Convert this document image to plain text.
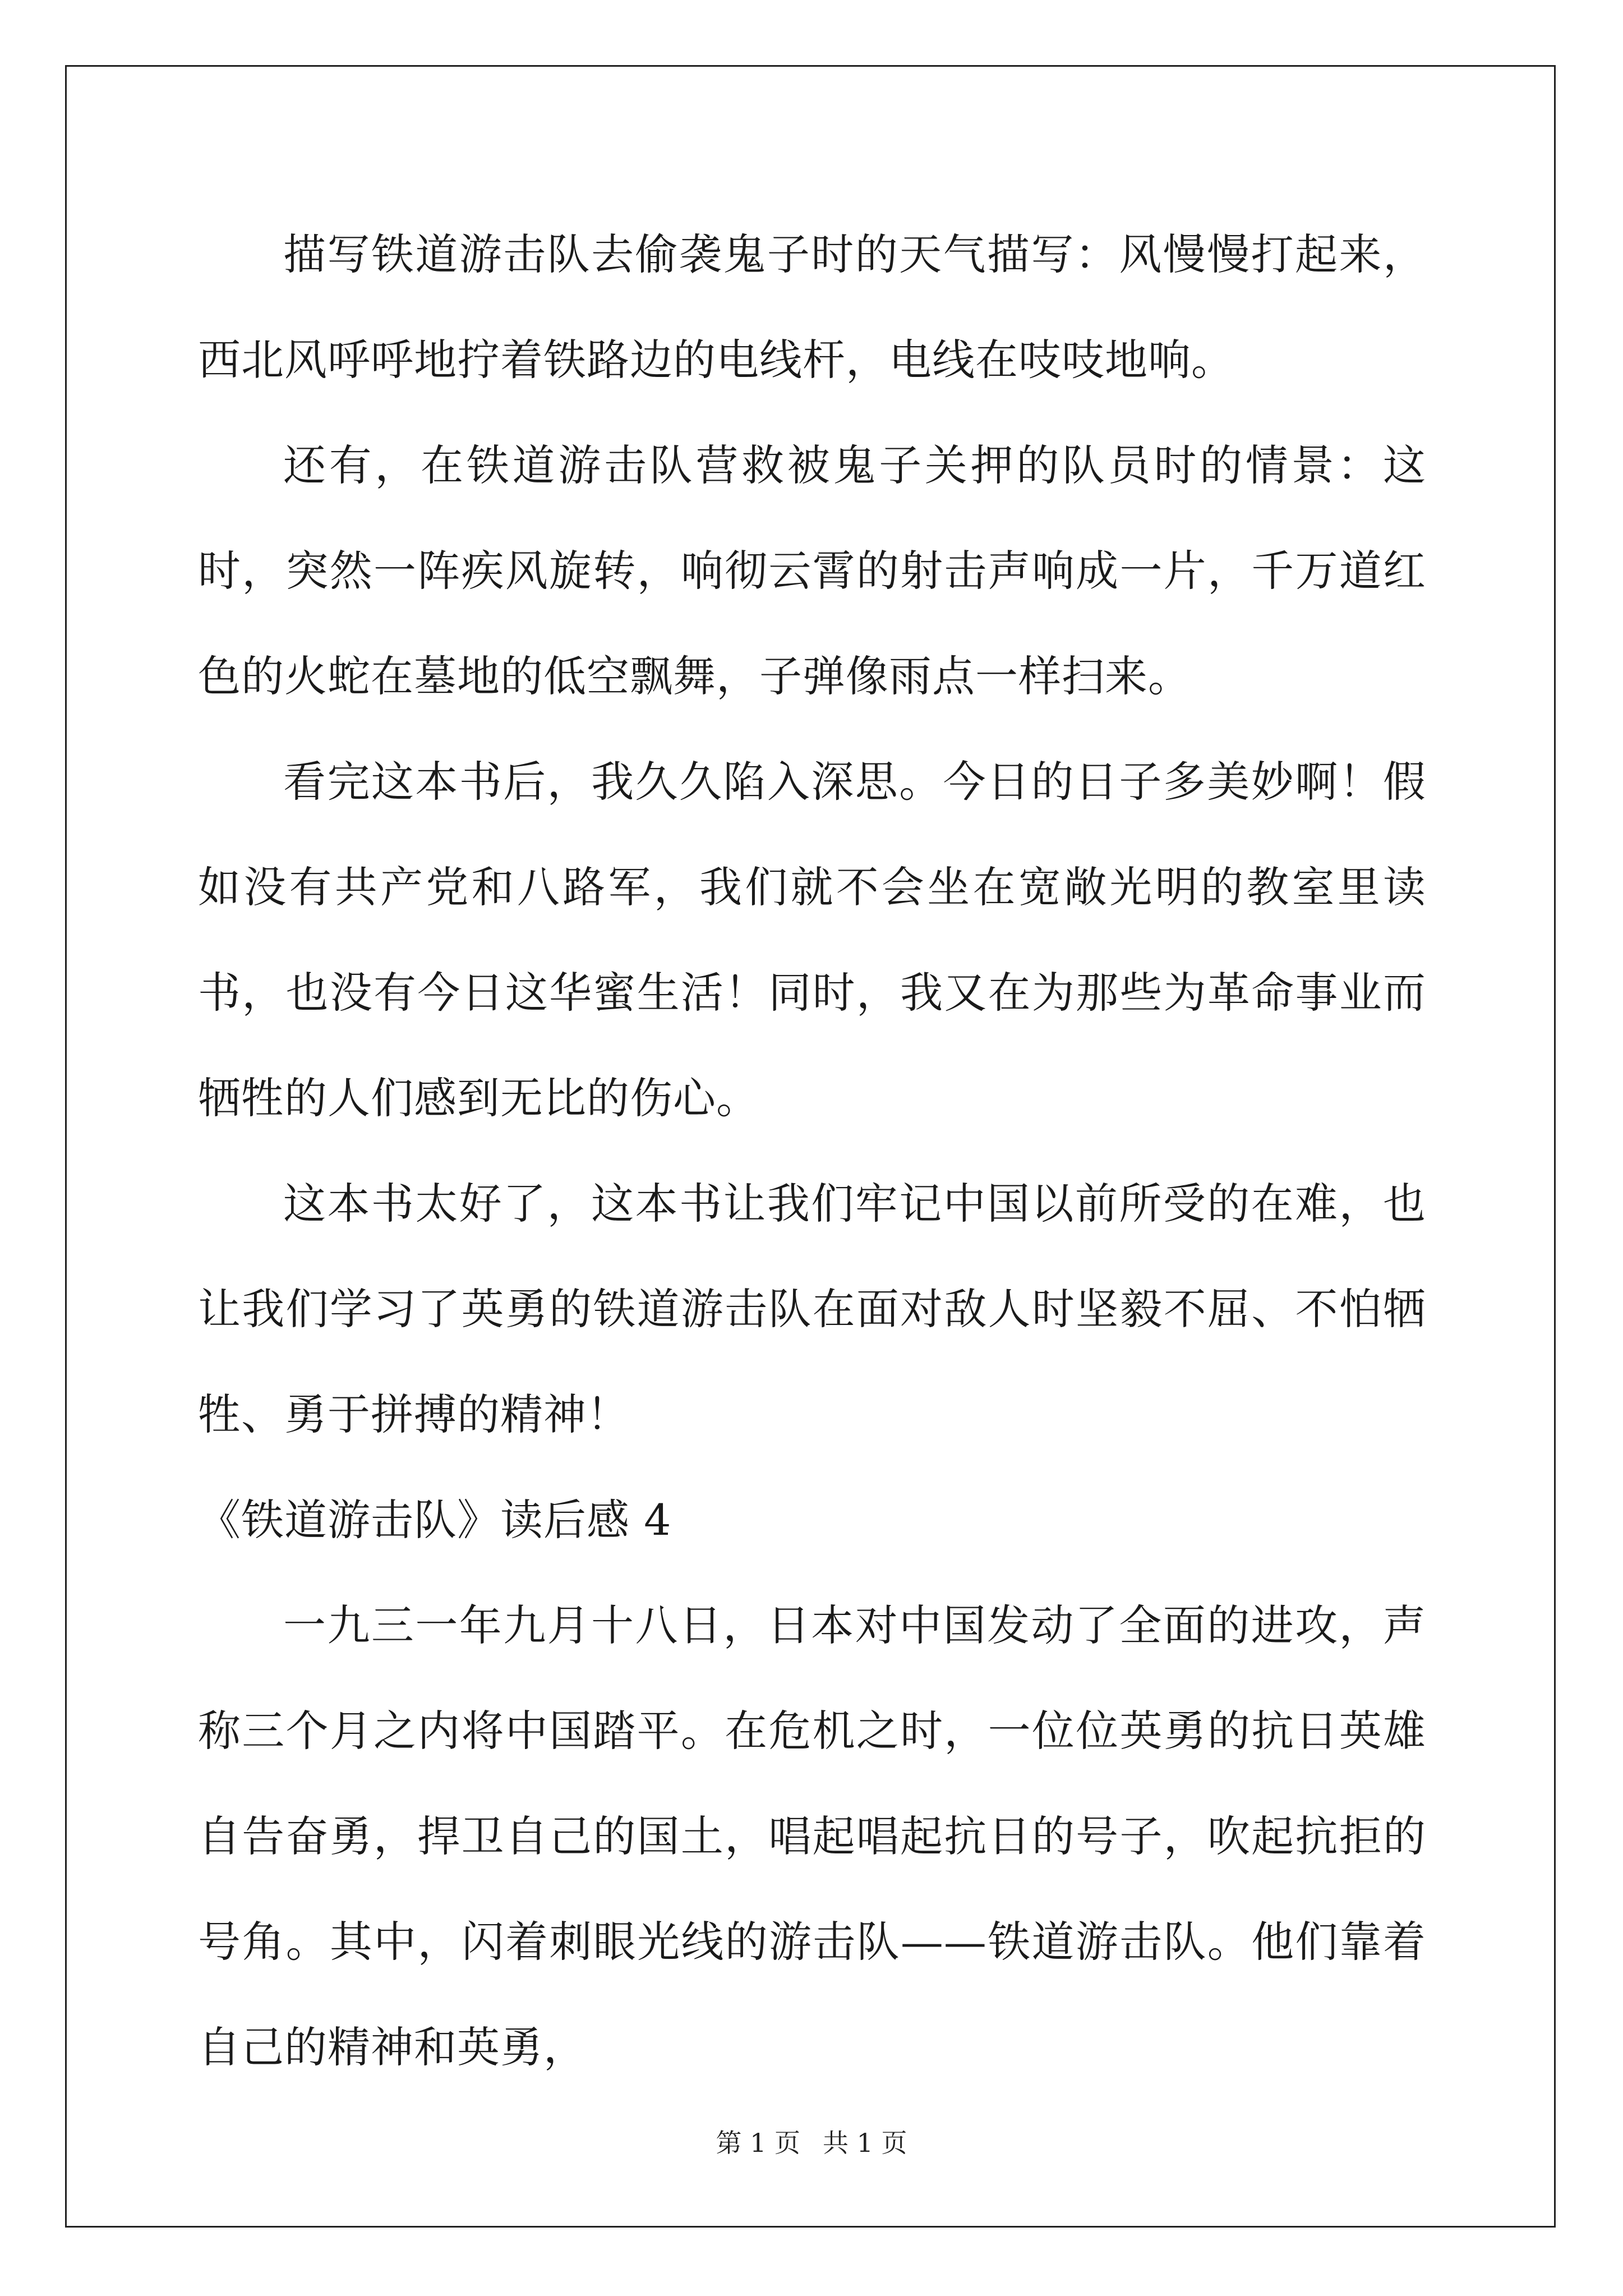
描写铁道游击队去偷袭鬼子时的天气描写：风慢慢打起来，西北风呼呼地拧着铁路边的电线杆，电线在吱吱地响。

还有，在铁道游击队营救被鬼子关押的队员时的情景：这时，突然一阵疾风旋转，响彻云霄的射击声响成一片，千万道红色的火蛇在墓地的低空飘舞，子弹像雨点一样扫来。

看完这本书后，我久久陷入深思。今日的日子多美妙啊！假如没有共产党和八路军，我们就不会坐在宽敞光明的教室里读书，也没有今日这华蜜生活！同时，我又在为那些为革命事业而牺牲的人们感到无比的伤心。

这本书太好了，这本书让我们牢记中国以前所受的在难，也让我们学习了英勇的铁道游击队在面对敌人时坚毅不屈、不怕牺牲、勇于拼搏的精神！

《铁道游击队》读后感 4

一九三一年九月十八日，日本对中国发动了全面的进攻，声称三个月之内将中国踏平。在危机之时，一位位英勇的抗日英雄自告奋勇，捍卫自己的国土，唱起唱起抗日的号子，吹起抗拒的号角。其中，闪着刺眼光线的游击队——铁道游击队。他们靠着自己的精神和英勇，

第 1 页 共 1 页
